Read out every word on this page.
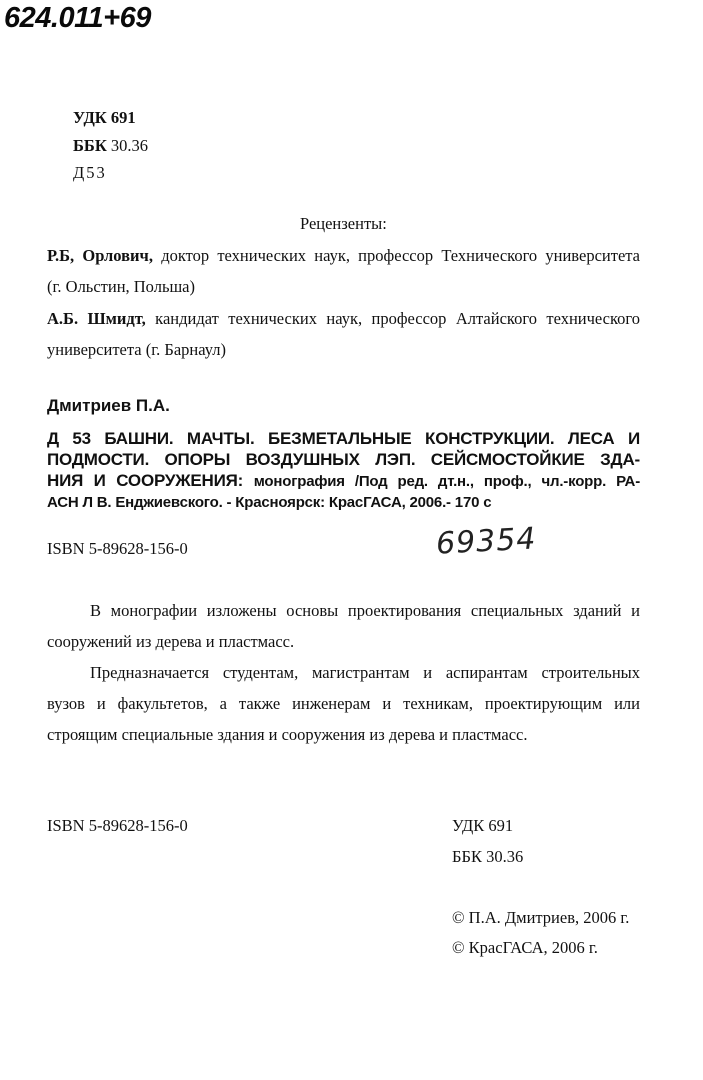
624.011+69
УДК 691
ББК 30.36
Д53
Рецензенты:
Р.Б, Орлович, доктор технических наук, профессор Технического университета
(г. Ольстин, Польша)
А.Б. Шмидт, кандидат технических наук, профессор Алтайского технического
университета (г. Барнаул)
Дмитриев П.А.
Д 53 БАШНИ. МАЧТЫ. БЕЗМЕТАЛЬНЫЕ КОНСТРУКЦИИ. ЛЕСА И
ПОДМОСТИ. ОПОРЫ ВОЗДУШНЫХ ЛЭП. СЕЙСМОСТОЙКИЕ ЗДА-
НИЯ И СООРУЖЕНИЯ: монография /Под ред. дт.н., проф., чл.-корр. РА-
АСН Л В. Енджиевского. - Красноярск: КрасГАСА, 2006.- 170 с
ISBN 5-89628-156-0	69354
В монографии изложены основы проектирования специальных зданий и
сооружений из дерева и пластмасс.
Предназначается студентам, магистрантам и аспирантам строительных
вузов и факультетов, а также инженерам и техникам, проектирующим или
строящим специальные здания и сооружения из дерева и пластмасс.
ISBN 5-89628-156-0	УДК 691
ББК 30.36
© П.А. Дмитриев, 2006 г.
© КрасГАСА, 2006 г.
